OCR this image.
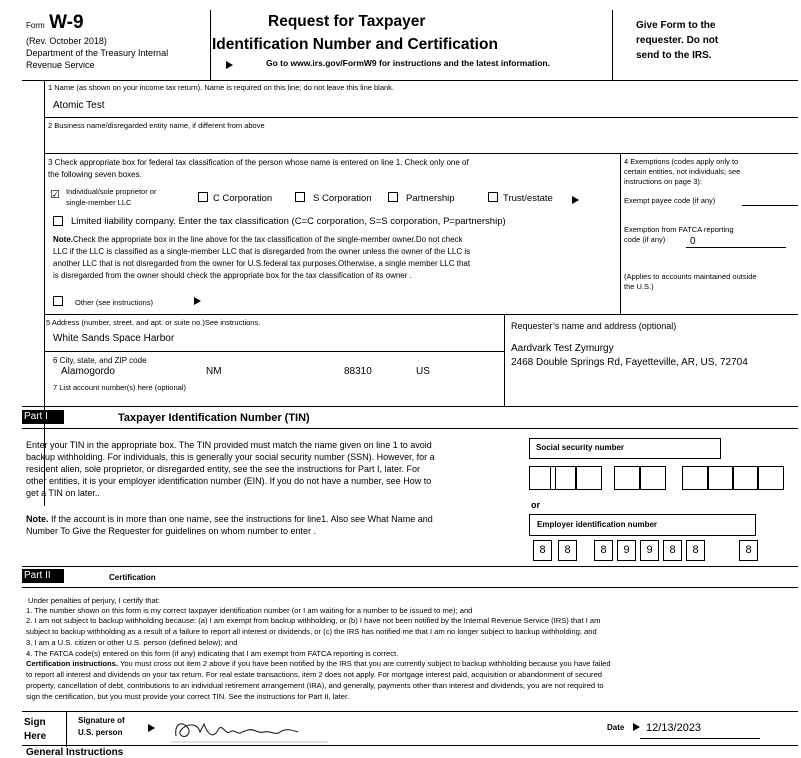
Form W-9
(Rev. October 2018)
Department of the Treasury Internal
Revenue Service
Request for Taxpayer
Identification Number and Certification
Go to www.irs.gov/FormW9 for instructions and the latest information.
Give Form to the
requester. Do not
send to the IRS.
1 Name (as shown on your income tax return). Name is required on this line; do not leave this line blank.
Atomic Test
2 Business name/disregarded entity name, if different from above
3 Check appropriate box for federal tax classification of the person whose name is entered on line 1. Check only one of
the following seven boxes.
☑ Individual/sole proprietor or
single-member LLC	C Corporation	S Corporation	Partnership	Trust/estate
Limited liability company. Enter the tax classification (C=C corporation, S=S corporation, P=partnership)
Note.Check the appropriate box in the line above for the tax classification of the single-member owner.Do not check
LLC if the LLC is classified as a single-member LLC that is disregarded from the owner unless the owner of the LLC is
another LLC that is not disregarded from the owner for U.S.federal tax purposes.Otherwise, a single member LLC that
is disregarded from the owner should check the appropriate box for the tax classification of its owner .
Other (see instructions)
4 Exemptions (codes apply only to
certain entities, not individuals; see
instructions on page 3):
Exempt payee code (if any)
Exemption from FATCA reporting
code (if any) 0
(Applies to accounts maintained outside
the U.S.)
5 Address (number, street, and apt. or suite no.)See instructions.
White Sands Space Harbor
6 City, state, and ZIP code
Alamogordo	NM	88310	US
7 List account number(s) here (optional)
Requester’s name and address (optional)
Aardvark Test Zymurgy
2468 Double Springs Rd, Fayetteville, AR, US, 72704
Part I	Taxpayer Identification Number (TIN)
Enter your TIN in the appropriate box. The TIN provided must match the name given on line 1 to avoid
backup withholding. For individuals, this is generally your social security number (SSN). However, for a
resident alien, sole proprietor, or disregarded entity, see the see the instructions for Part I, later. For
other entities, it is your employer identification number (EIN). If you do not have a number, see How to
get a TIN on later..
Note. If the account is in more than one name, see the instructions for line1. Also see What Name and
Number To Give the Requester for guidelines on whom number to enter .
Social security number
or
Employer identification number
8	8	8	9	9	8	8	8
Part II	Certification
Under penalties of perjury, I certify that:
1. The number shown on this form is my correct taxpayer identification number (or I am waiting for a number to be issued to me); and
2. I am not subject to backup withholding because: (a) I am exempt from backup withholding, or (b) I have not been notified by the Internal Revenue Service (IRS) that I am
subject to backup withholding as a result of a failure to report all interest or dividends, or (c) the IRS has notified me that I am no longer subject to backup withholding; and
3. I am a U.S. citizen or other U.S. person (defined below); and
4. The FATCA code(s) entered on this form (if any) indicating that I am exempt from FATCA reporting is correct.
Certification instructions. You must cross out item 2 above if you have been notified by the IRS that you are currently subject to backup withholding because you have failed
to report all interest and dividends on your tax return. For real estate transactions, item 2 does not apply. For mortgage interest paid, acquisition or abandonment of secured
property, cancellation of debt, contributions to an individual retirement arrangement (IRA), and generally, payments other than interest and dividends, you are not required to
sign the certification, but you must provide your correct TIN. See the instructions for Part II, later.
Sign
Here
Signature of
U.S. person
Date 12/13/2023
General Instructions
